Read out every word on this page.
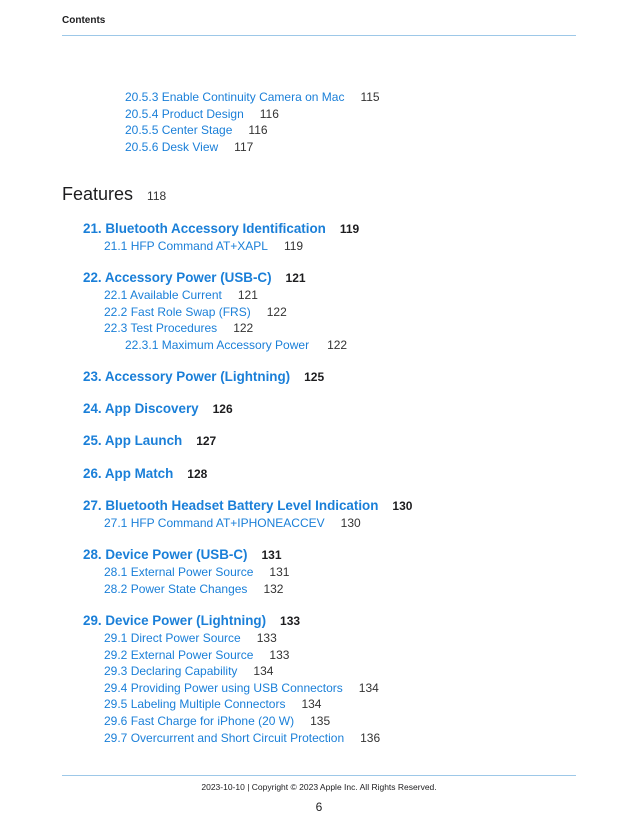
Contents
20.5.3 Enable Continuity Camera on Mac 115
20.5.4 Product Design 116
20.5.5 Center Stage 116
20.5.6 Desk View 117
Features 118
21. Bluetooth Accessory Identification 119
21.1 HFP Command AT+XAPL 119
22. Accessory Power (USB-C) 121
22.1 Available Current 121
22.2 Fast Role Swap (FRS) 122
22.3 Test Procedures 122
22.3.1 Maximum Accessory Power 122
23. Accessory Power (Lightning) 125
24. App Discovery 126
25. App Launch 127
26. App Match 128
27. Bluetooth Headset Battery Level Indication 130
27.1 HFP Command AT+IPHONEACCEV 130
28. Device Power (USB-C) 131
28.1 External Power Source 131
28.2 Power State Changes 132
29. Device Power (Lightning) 133
29.1 Direct Power Source 133
29.2 External Power Source 133
29.3 Declaring Capability 134
29.4 Providing Power using USB Connectors 134
29.5 Labeling Multiple Connectors 134
29.6 Fast Charge for iPhone (20 W) 135
29.7 Overcurrent and Short Circuit Protection 136
2023-10-10 | Copyright © 2023 Apple Inc. All Rights Reserved.
6
